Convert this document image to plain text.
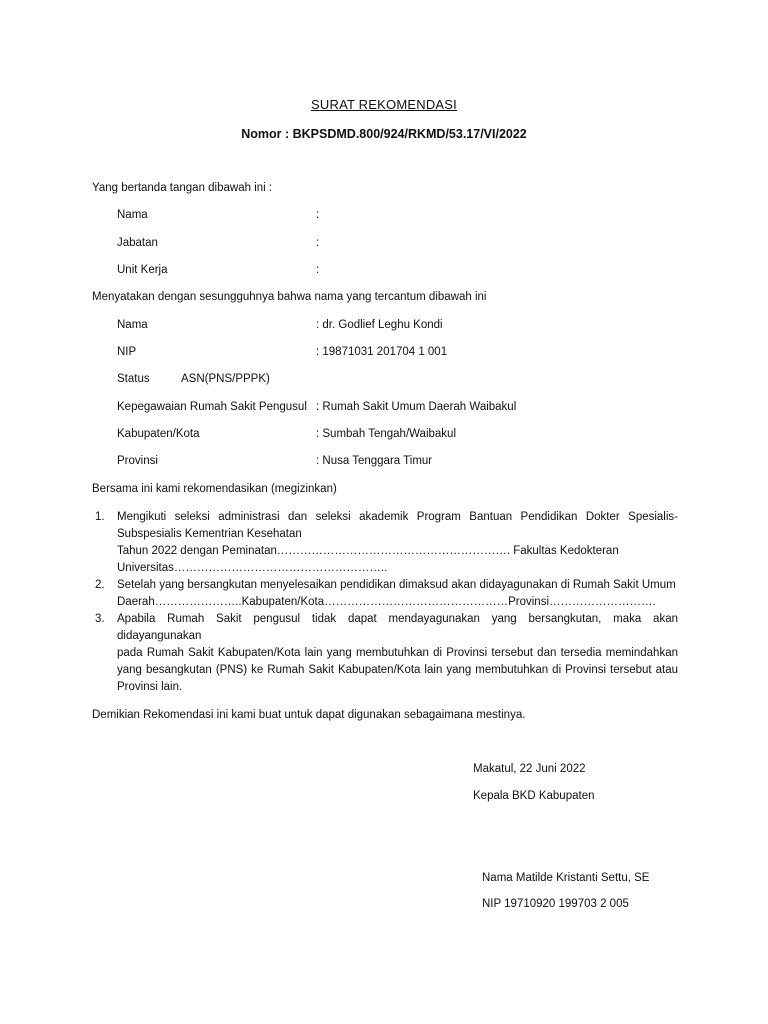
SURAT REKOMENDASI
Nomor : BKPSDMD.800/924/RKMD/53.17/VI/2022
Yang bertanda tangan dibawah ini :
Nama	:
Jabatan	:
Unit Kerja	:
Menyatakan dengan sesungguhnya bahwa nama yang tercantum dibawah ini
Nama	: dr. Godlief Leghu Kondi
NIP	: 19871031 201704 1 001
Status	ASN(PNS/PPPK)
Kepegawaian Rumah Sakit Pengusul : Rumah Sakit Umum Daerah Waibakul
Kabupaten/Kota	: Sumbah Tengah/Waibakul
Provinsi	: Nusa Tenggara Timur
Bersama ini kami rekomendasikan (megizinkan)
1. Mengikuti seleksi administrasi dan seleksi akademik Program Bantuan Pendidikan Dokter Spesialis-
Subspesialis Kementrian Kesehatan
Tahun 2022 dengan Peminatan……………………………………………………. Fakultas Kedokteran
Universitas………………………………………………..
2. Setelah yang bersangkutan menyelesaikan pendidikan dimaksud akan didayagunakan di Rumah Sakit Umum
Daerah…………………..Kabupaten/Kota…………………………………………Provinsi……………………….
3. Apabila Rumah Sakit pengusul tidak dapat mendayagunakan yang bersangkutan, maka akan didayangunakan
pada Rumah Sakit Kabupaten/Kota lain yang membutuhkan di Provinsi tersebut dan tersedia memindahkan
yang besangkutan (PNS) ke Rumah Sakit Kabupaten/Kota lain yang membutuhkan di Provinsi tersebut atau
Provinsi lain.
Demikian Rekomendasi ini kami buat untuk dapat digunakan sebagaimana mestinya.
Makatul, 22 Juni 2022
Kepala BKD Kabupaten
Nama Matilde Kristanti Settu, SE
NIP 19710920 199703 2 005
